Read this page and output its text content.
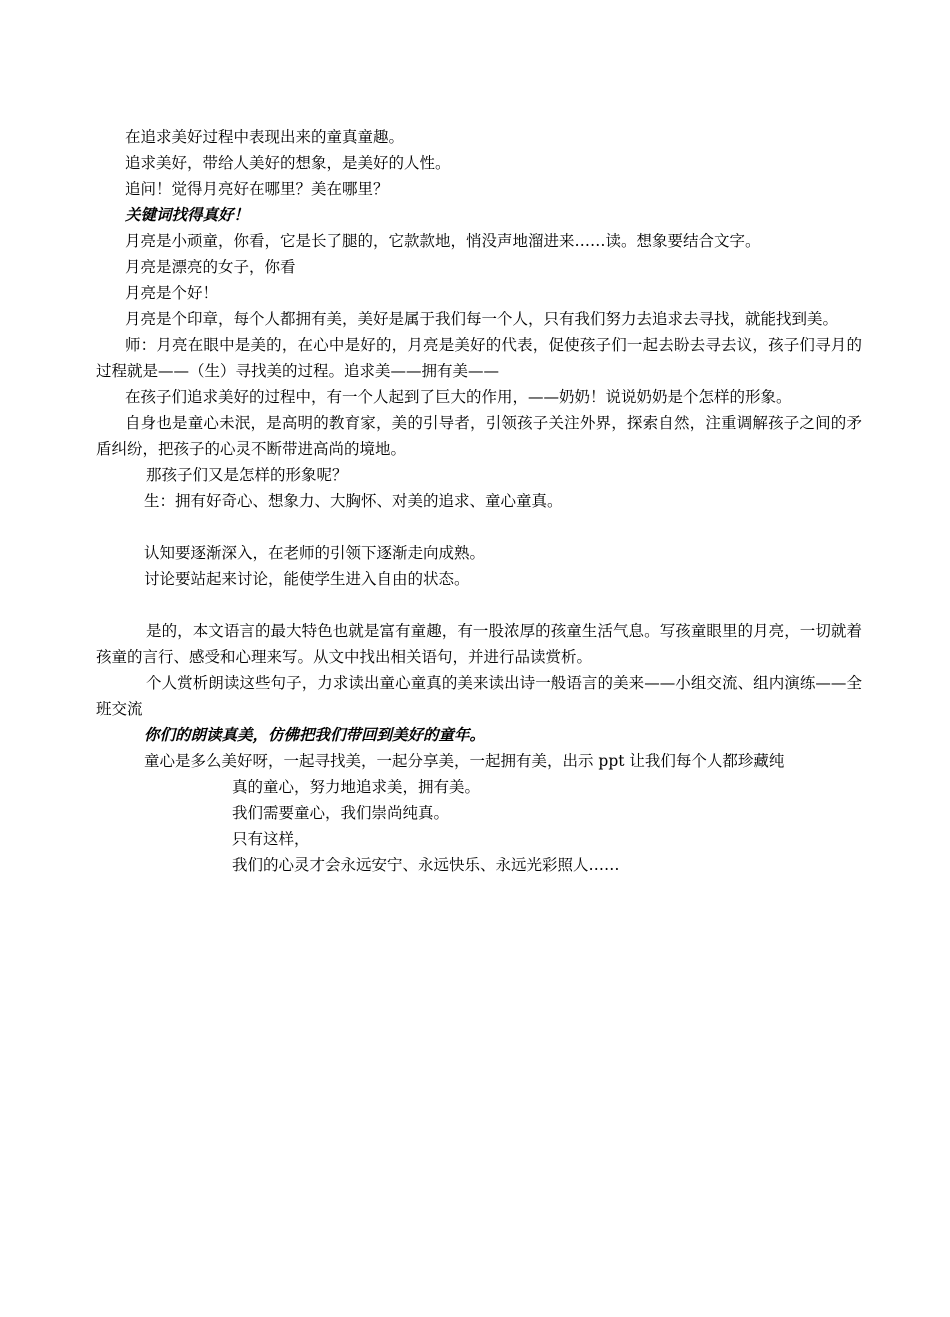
在追求美好过程中表现出来的童真童趣。

追求美好，带给人美好的想象，是美好的人性。

追问！觉得月亮好在哪里？美在哪里？

关键词找得真好！

月亮是小顽童，你看，它是长了腿的，它款款地，悄没声地溜进来……读。想象要结合文字。

月亮是漂亮的女子，你看

月亮是个好！

月亮是个印章，每个人都拥有美，美好是属于我们每一个人，只有我们努力去追求去寻找，就能找到美。

师：月亮在眼中是美的，在心中是好的，月亮是美好的代表，促使孩子们一起去盼去寻去议，孩子们寻月的过程就是——（生）寻找美的过程。追求美——拥有美——

在孩子们追求美好的过程中，有一个人起到了巨大的作用，——奶奶！说说奶奶是个怎样的形象。

自身也是童心未泯，是高明的教育家，美的引导者，引领孩子关注外界，探索自然，注重调解孩子之间的矛盾纠纷，把孩子的心灵不断带进高尚的境地。

那孩子们又是怎样的形象呢？

生：拥有好奇心、想象力、大胸怀、对美的追求、童心童真。

认知要逐渐深入，在老师的引领下逐渐走向成熟。

讨论要站起来讨论，能使学生进入自由的状态。

是的，本文语言的最大特色也就是富有童趣，有一股浓厚的孩童生活气息。写孩童眼里的月亮，一切就着孩童的言行、感受和心理来写。从文中找出相关语句，并进行品读赏析。

个人赏析朗读这些句子，力求读出童心童真的美来读出诗一般语言的美来——小组交流、组内演练——全班交流

你们的朗读真美，仿佛把我们带回到美好的童年。

童心是多么美好呀，一起寻找美，一起分享美，一起拥有美，出示 ppt 让我们每个人都珍藏纯
真的童心，努力地追求美，拥有美。

我们需要童心，我们崇尚纯真。

只有这样，

我们的心灵才会永远安宁、永远快乐、永远光彩照人……
